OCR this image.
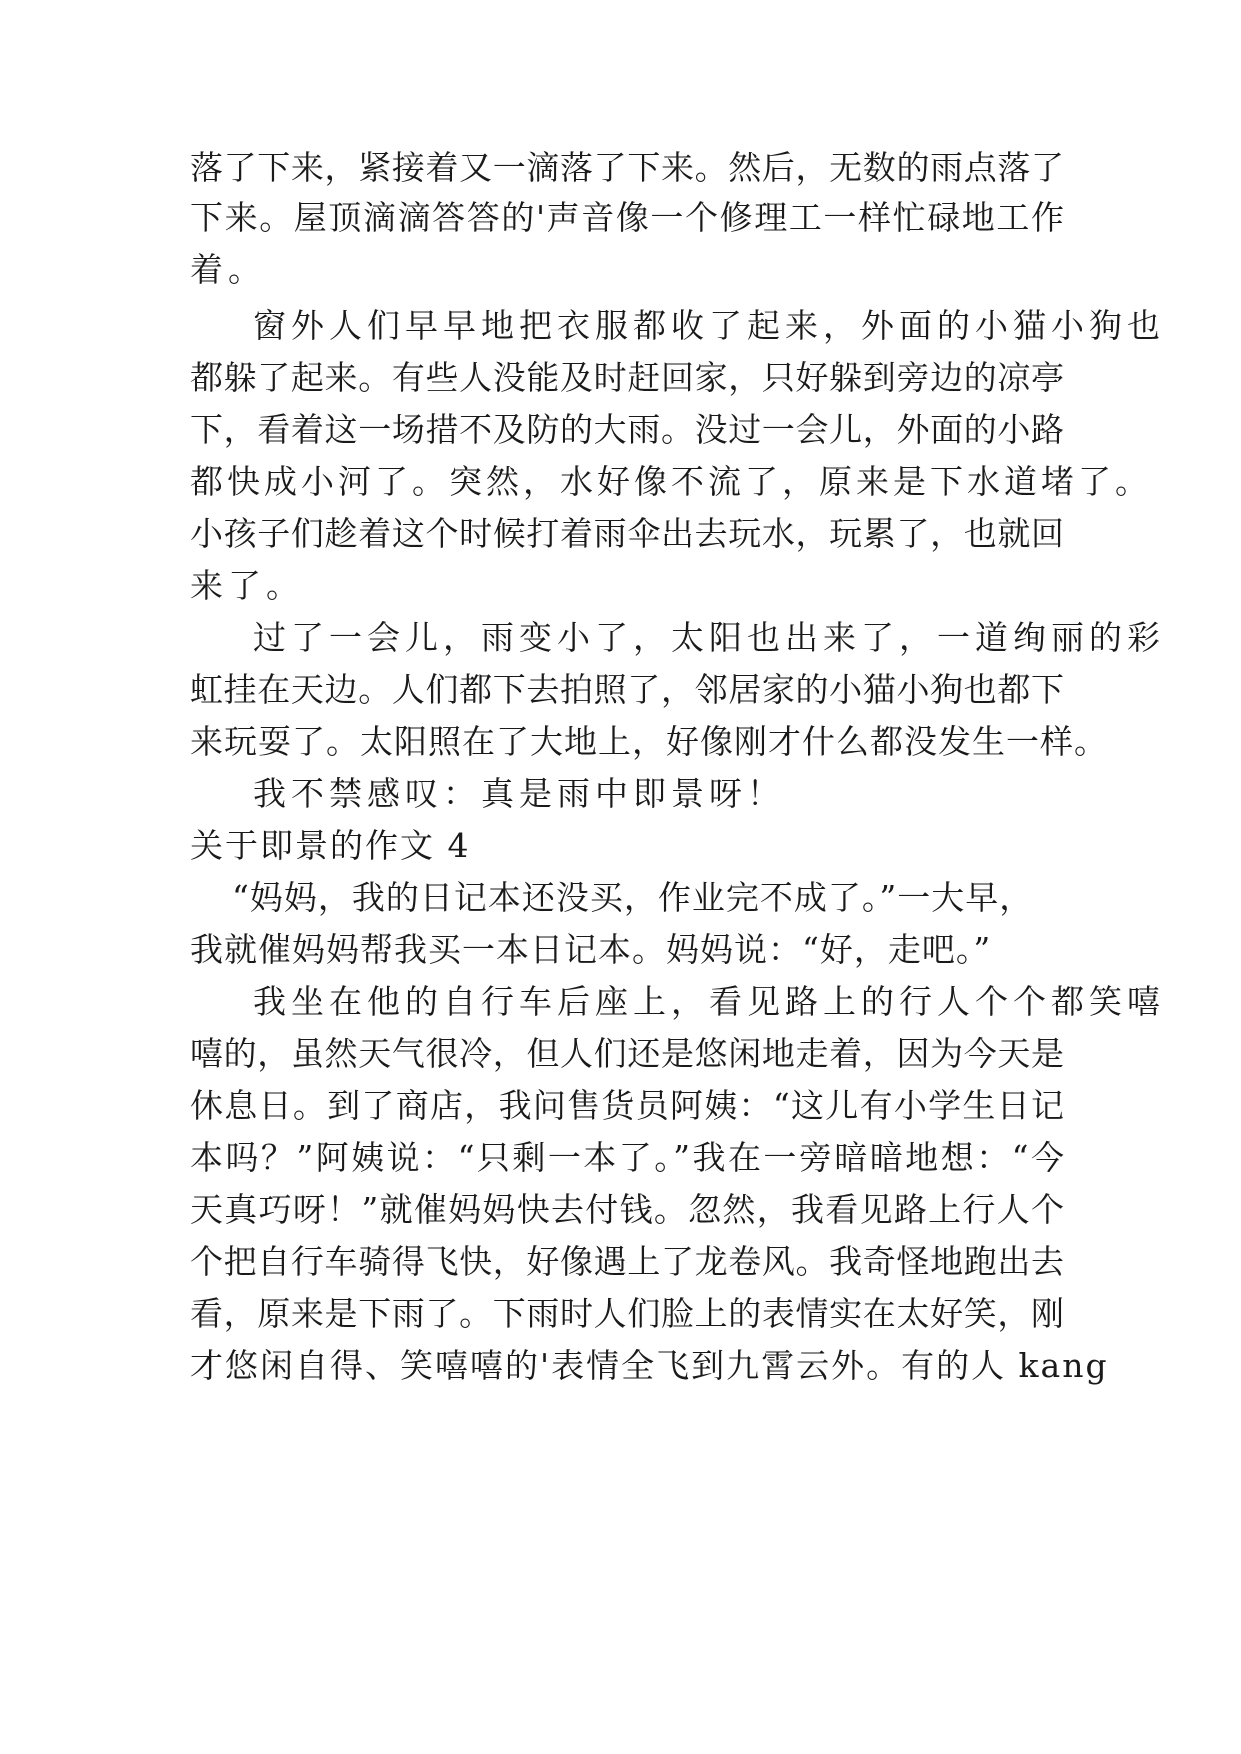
落了下来，紧接着又一滴落了下来。然后，无数的雨点落了
下来。屋顶滴滴答答的'声音像一个修理工一样忙碌地工作
着。
窗外人们早早地把衣服都收了起来，外面的小猫小狗也
都躲了起来。有些人没能及时赶回家，只好躲到旁边的凉亭
下，看着这一场措不及防的大雨。没过一会儿，外面的小路
都快成小河了。突然，水好像不流了，原来是下水道堵了。
小孩子们趁着这个时候打着雨伞出去玩水，玩累了，也就回
来了。
过了一会儿，雨变小了，太阳也出来了，一道绚丽的彩
虹挂在天边。人们都下去拍照了，邻居家的小猫小狗也都下
来玩耍了。太阳照在了大地上，好像刚才什么都没发生一样。
我不禁感叹：真是雨中即景呀！
关于即景的作文 4
“妈妈，我的日记本还没买，作业完不成了。”一大早，
我就催妈妈帮我买一本日记本。妈妈说：“好，走吧。”
我坐在他的自行车后座上，看见路上的行人个个都笑嘻
嘻的，虽然天气很冷，但人们还是悠闲地走着，因为今天是
休息日。到了商店，我问售货员阿姨：“这儿有小学生日记
本吗？”阿姨说：“只剩一本了。”我在一旁暗暗地想：“今
天真巧呀！”就催妈妈快去付钱。忽然，我看见路上行人个
个把自行车骑得飞快，好像遇上了龙卷风。我奇怪地跑出去
看，原来是下雨了。下雨时人们脸上的表情实在太好笑，刚
才悠闲自得、笑嘻嘻的'表情全飞到九霄云外。有的人 kang
